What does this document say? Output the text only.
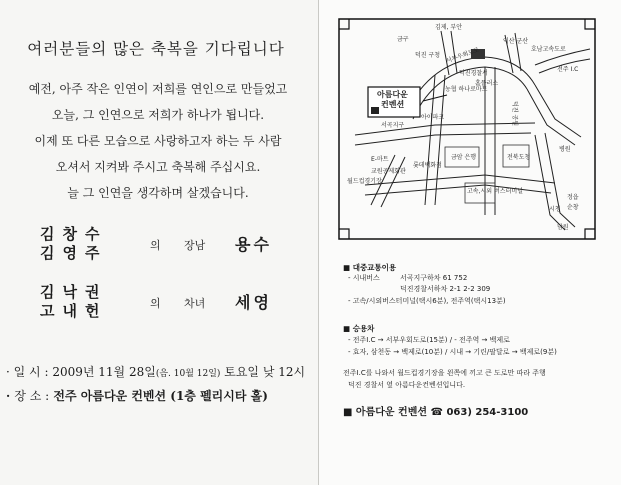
여러분들의 많은 축복을 기다립니다
예전, 아주 작은 인연이 저희를 연인으로 만들었고
오늘, 그 인연으로 저희가 하나가 됩니다.
이제 또 다른 모습으로 사랑하고자 하는 두 사람
오셔서 지켜봐 주시고 축복해 주십시요.
늘 그 인연을 생각하며 살겠습니다.
김창수
김영주	의 장남 용수
김낙권
고내헌	의 차녀 세영
· 일 시 : 2009년 11월 28일(음. 10월 12일) 토요일 낮 12시
· 장 소 : 전주 아름다운 컨벤션 (1층 펠리시타 홀)
김제, 부안
금구
덕진 구청 서부우회도로
아름다운
컨벤션
농협 하나로마트
덕진경찰서
홈플러스
익산 군산
호남고속도로
전주 I.C
덕진 공원
서곡지구
아이파크
E-마트
롯데백화점
교원공제회관
월드컵경기장
금암 은행	전북도청
고속,시외 버스터미널
병원
시청
정읍
순창
남원
■ 대중교통이용
- 시내버스	서곡지구하차 61 752
덕진경찰서하차 2-1 2-2 309
- 고속/시외버스터미널(택시6분), 전주역(택시13분)
■ 승용차
- 전주I.C → 서부우회도로(15분) / - 전주역 → 백제로
- 효자, 삼천동 → 백제로(10분) / 시내 → 기린/팔달로 → 백제로(9분)
전주I.C를 나와서 월드컵경기장을 왼쪽에 끼고 큰 도로만 따라 주행
덕진 경찰서 옆 아름다운컨벤션입니다.
■ 아름다운 컨벤션 ☎ 063) 254-3100
